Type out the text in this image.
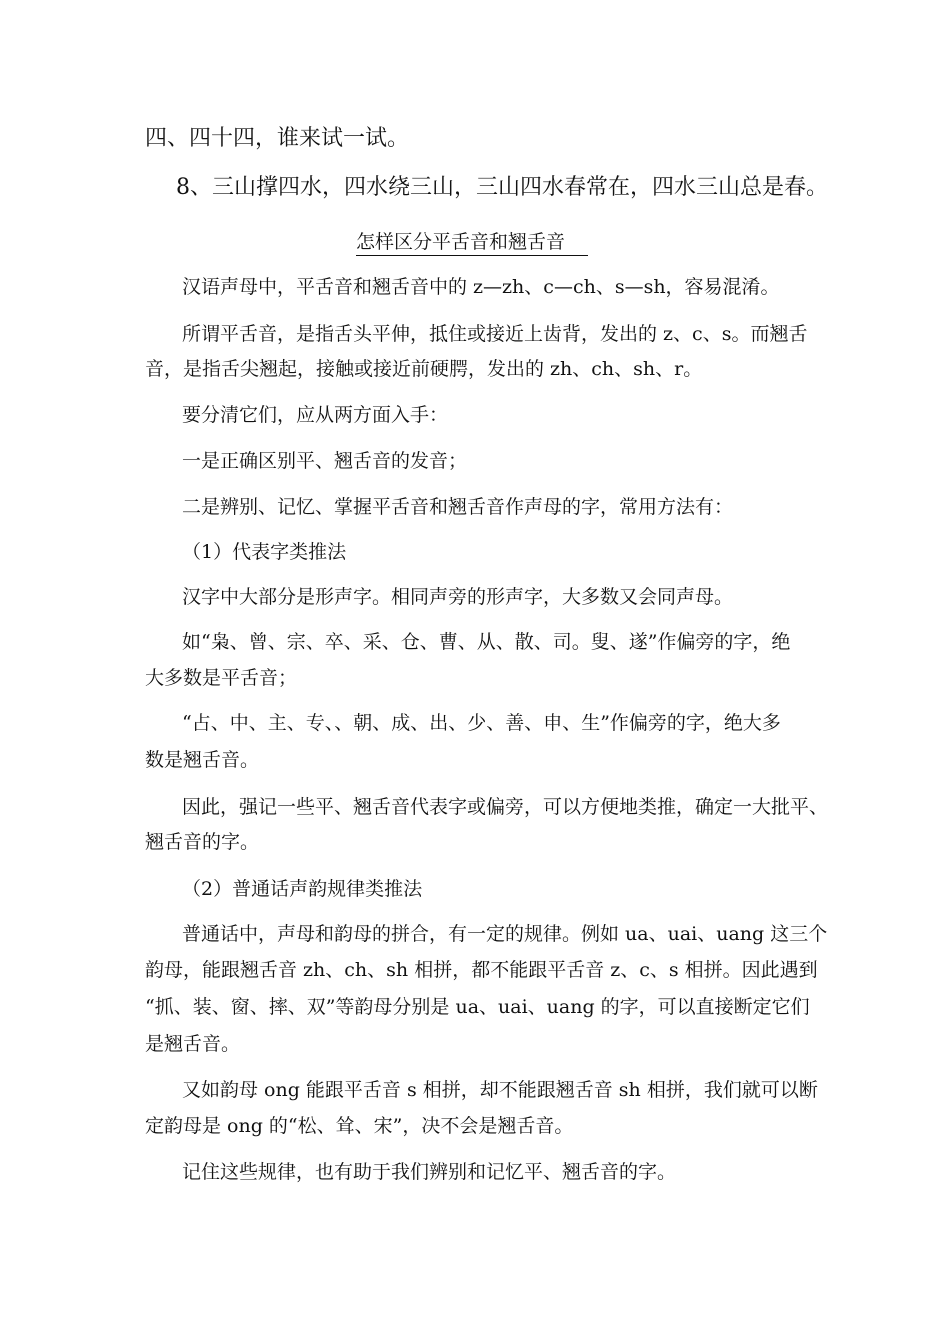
四、四十四，谁来试一试。
8、三山撑四水，四水绕三山，三山四水春常在，四水三山总是春。
怎样区分平舌音和翘舌音
汉语声母中，平舌音和翘舌音中的 z—zh、c—ch、s—sh，容易混淆。
所谓平舌音，是指舌头平伸，抵住或接近上齿背，发出的 z、c、s。而翘舌
音，是指舌尖翘起，接触或接近前硬腭，发出的 zh、ch、sh、r。
要分清它们，应从两方面入手：
一是正确区别平、翘舌音的发音；
二是辨别、记忆、掌握平舌音和翘舌音作声母的字，常用方法有：
（1）代表字类推法
汉字中大部分是形声字。相同声旁的形声字，大多数又会同声母。
如“枭、曾、宗、卒、采、仓、曹、从、散、司。叟、遂”作偏旁的字，绝
大多数是平舌音；
“占、中、主、专、、朝、成、出、少、善、申、生”作偏旁的字，绝大多
数是翘舌音。
因此，强记一些平、翘舌音代表字或偏旁，可以方便地类推，确定一大批平、
翘舌音的字。
（2）普通话声韵规律类推法
普通话中，声母和韵母的拼合，有一定的规律。例如 ua、uai、uang 这三个
韵母，能跟翘舌音 zh、ch、sh 相拼，都不能跟平舌音 z、c、s 相拼。因此遇到
“抓、装、窗、摔、双”等韵母分别是 ua、uai、uang 的字，可以直接断定它们
是翘舌音。
又如韵母 ong 能跟平舌音 s 相拼，却不能跟翘舌音 sh 相拼，我们就可以断
定韵母是 ong 的“松、耸、宋”，决不会是翘舌音。
记住这些规律，也有助于我们辨别和记忆平、翘舌音的字。
